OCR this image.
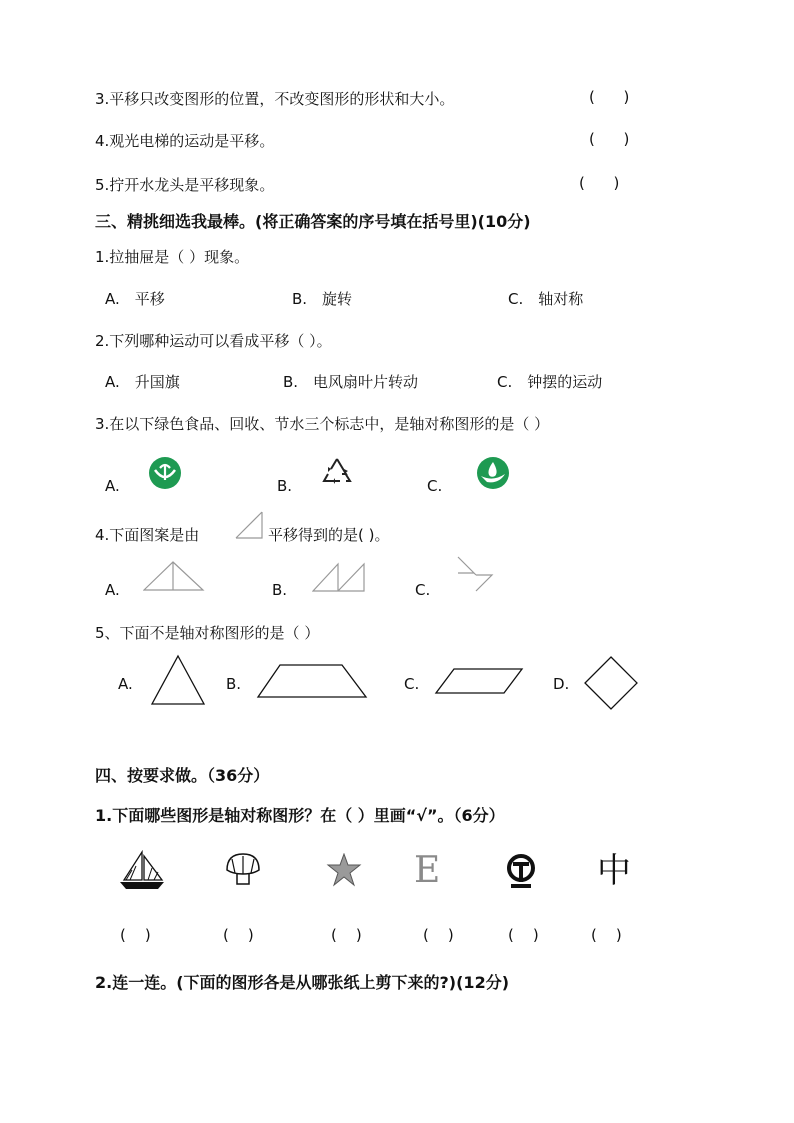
3.平移只改变图形的位置，不改变图形的形状和大小。	(      )
4.观光电梯的运动是平移。	(      )
5.拧开水龙头是平移现象。	(      )
三、精挑细选我最棒。(将正确答案的序号填在括号里)(10分)
1.拉抽屉是（ ）现象。
A.　平移	B.　旋转	C.　轴对称
2.下列哪种运动可以看成平移（ ）。
A.　升国旗	B.　电风扇叶片转动	C.　钟摆的运动
3.在以下绿色食品、回收、节水三个标志中，是轴对称图形的是（ ）
A.	B.	C.
4.下面图案是由	平移得到的是( )。
A.	B.	C.
5、下面不是轴对称图形的是（ ）
A.	B.	C.	D.
四、按要求做。（36分）
1.下面哪些图形是轴对称图形？在（ ）里画“√”。（6分）
E	中
(    )	(    )	(    )	(    )	(    )	(    )
2.连一连。(下面的图形各是从哪张纸上剪下来的?)(12分)
